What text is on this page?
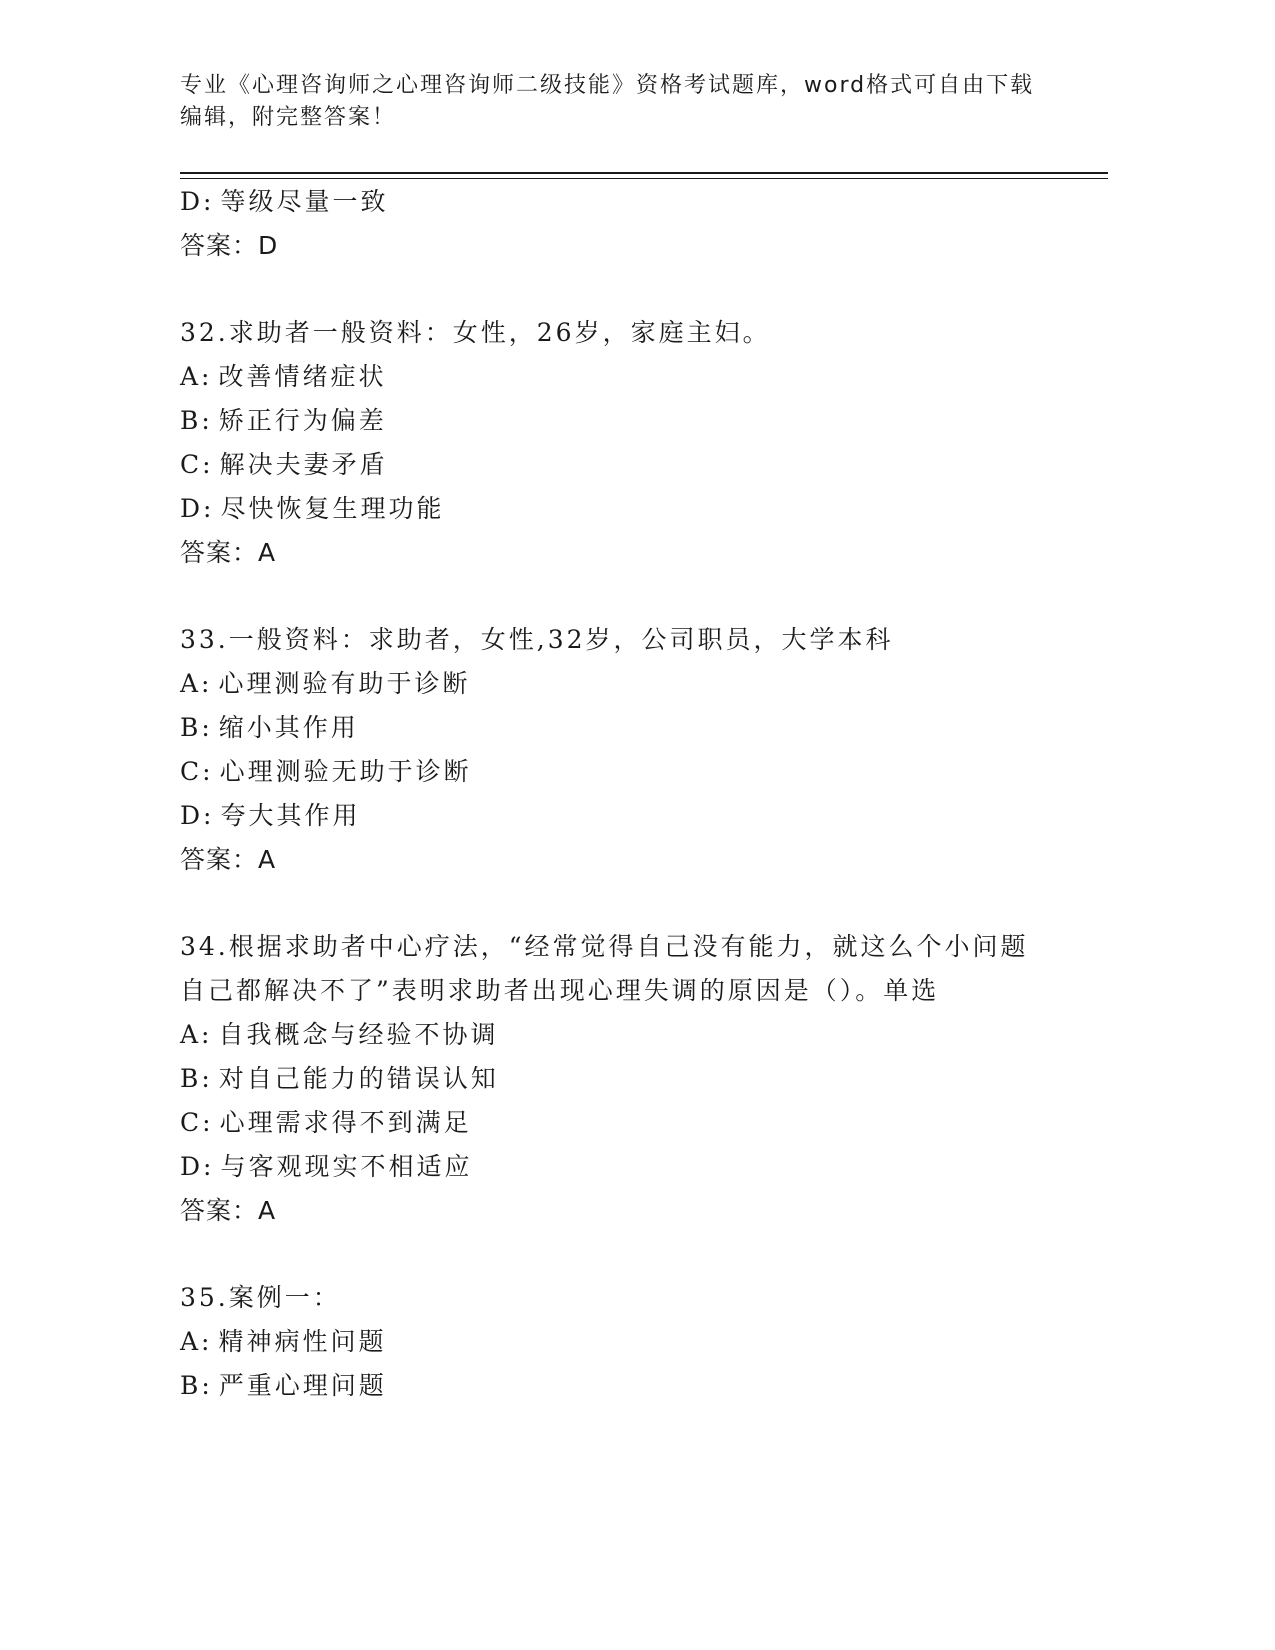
专业《心理咨询师之心理咨询师二级技能》资格考试题库，word格式可自由下载
编辑，附完整答案！
D: 等级尽量一致
答案：D
32.求助者一般资料：女性，26岁，家庭主妇。
A: 改善情绪症状
B: 矫正行为偏差
C: 解决夫妻矛盾
D: 尽快恢复生理功能
答案：A
33.一般资料：求助者，女性,32岁，公司职员，大学本科
A: 心理测验有助于诊断
B: 缩小其作用
C: 心理测验无助于诊断
D: 夸大其作用
答案：A
34.根据求助者中心疗法，“经常觉得自己没有能力，就这么个小问题自己都解决不了”表明求助者出现心理失调的原因是（）。单选
A: 自我概念与经验不协调
B: 对自己能力的错误认知
C: 心理需求得不到满足
D: 与客观现实不相适应
答案：A
35.案例一：
A: 精神病性问题
B: 严重心理问题
